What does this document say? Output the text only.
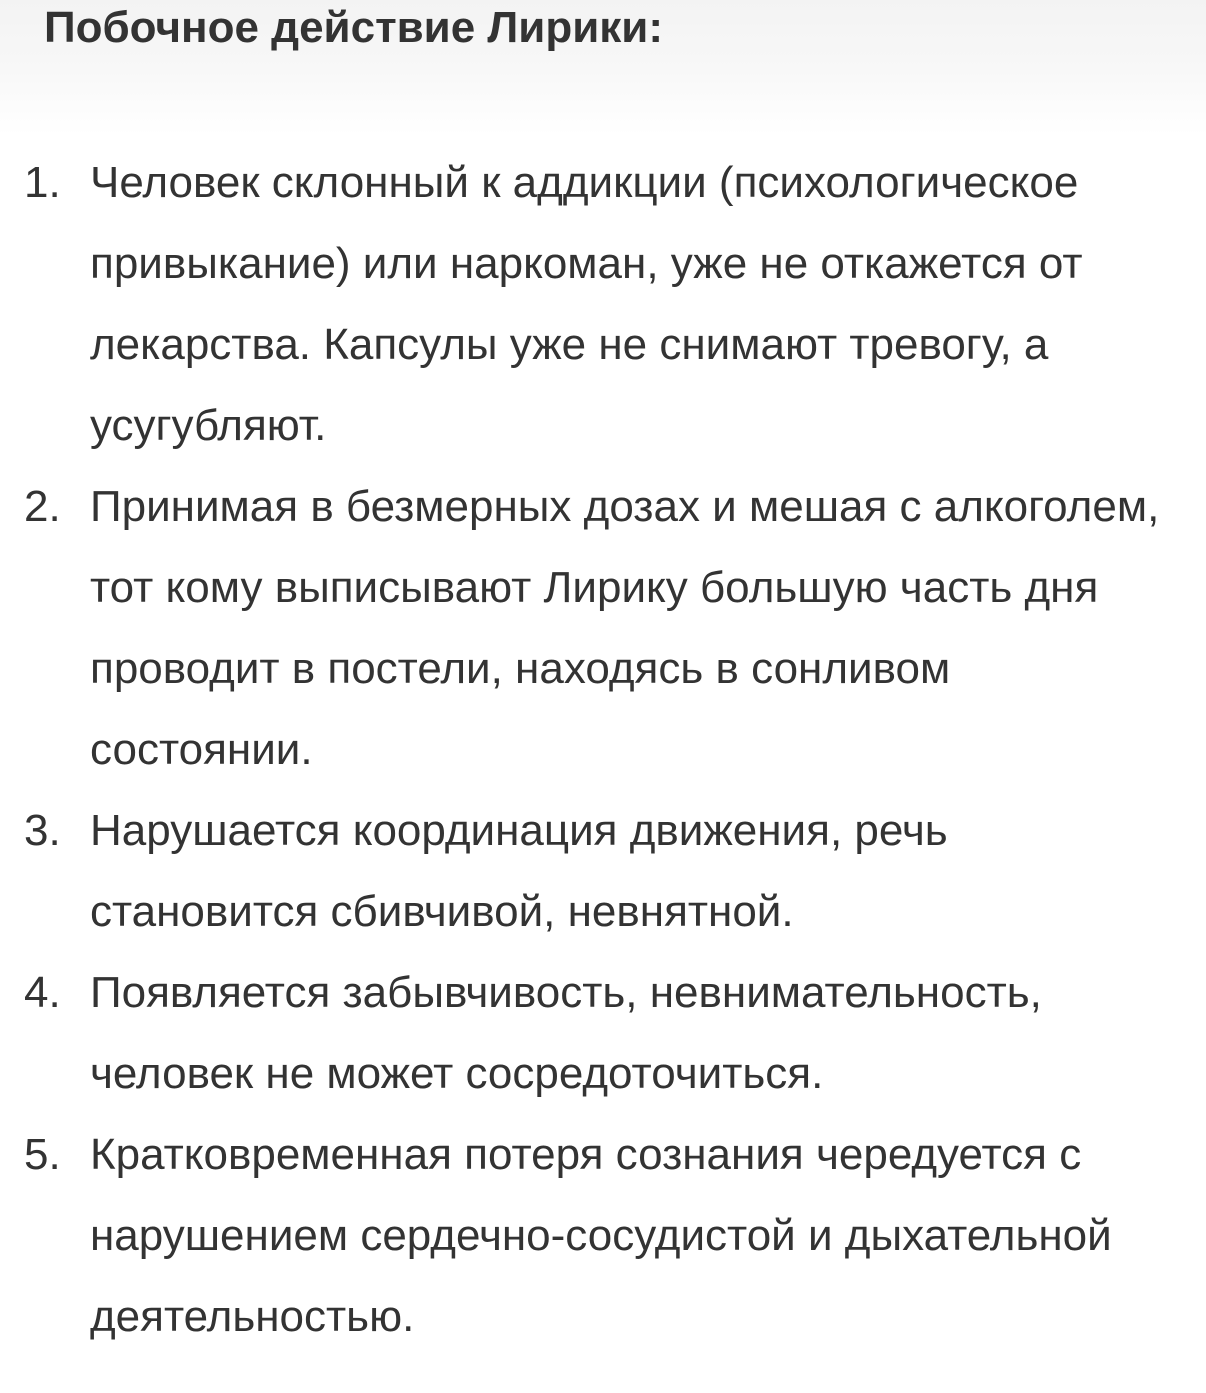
Побочное действие Лирики:
1. Человек склонный к аддикции (психологическое привыкание) или наркоман, уже не откажется от лекарства. Капсулы уже не снимают тревогу, а усугубляют.
2. Принимая в безмерных дозах и мешая с алкоголем, тот кому выписывают Лирику большую часть дня проводит в постели, находясь в сонливом состоянии.
3. Нарушается координация движения, речь становится сбивчивой, невнятной.
4. Появляется забывчивость, невнимательность, человек не может сосредоточиться.
5. Кратковременная потеря сознания чередуется с нарушением сердечно-сосудистой и дыхательной деятельностью.
